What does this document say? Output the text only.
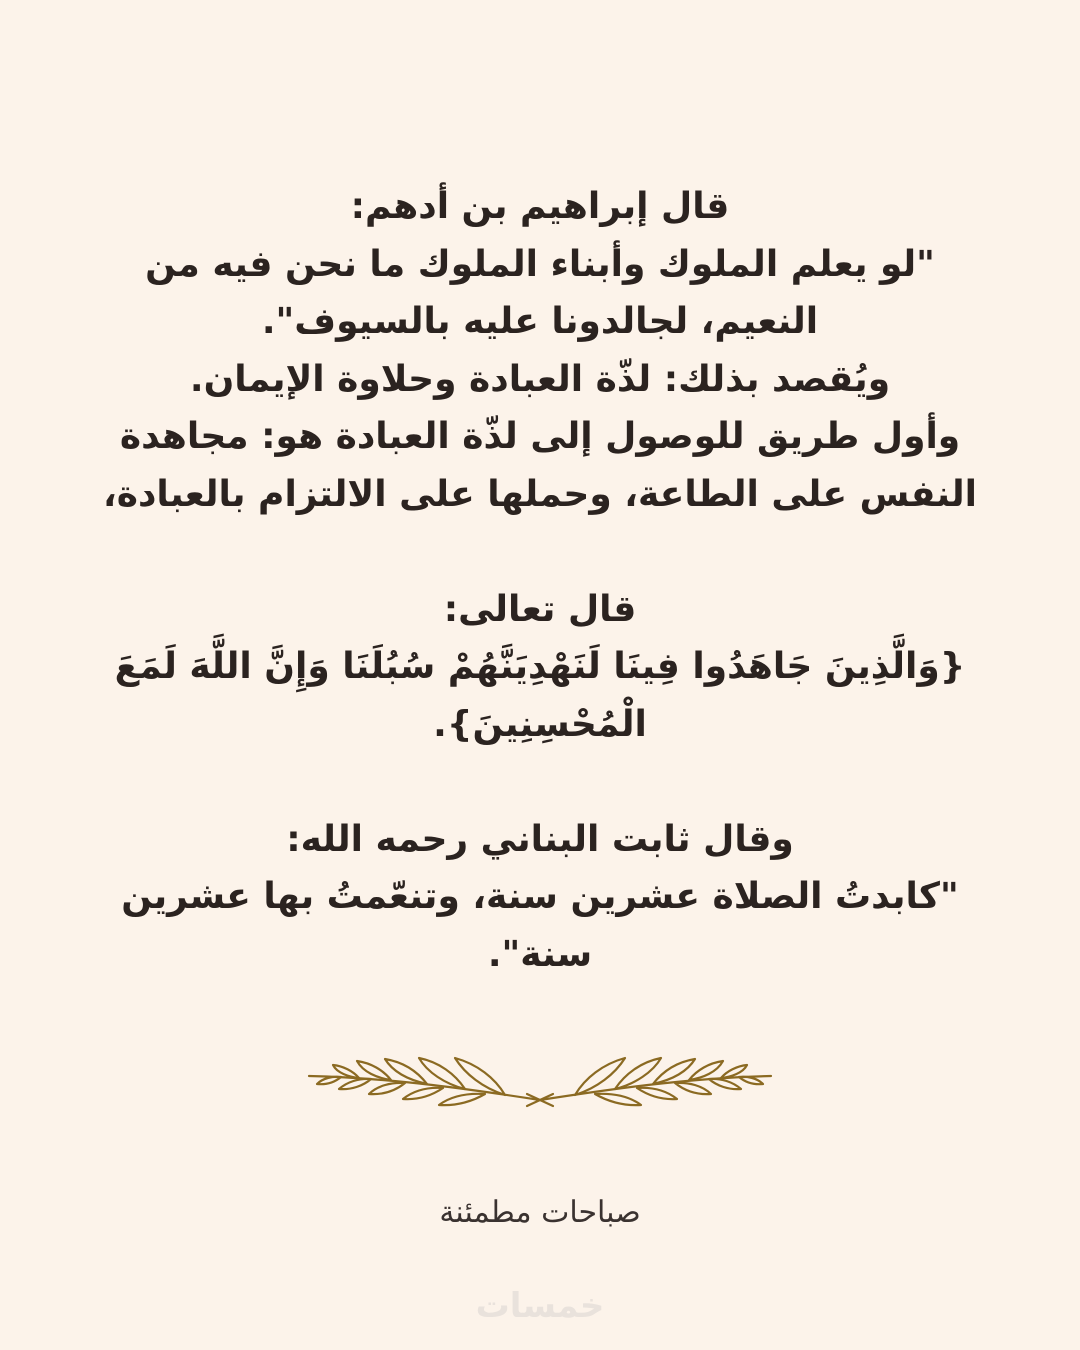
قال إبراهيم بن أدهم:
"لو يعلم الملوك وأبناء الملوك ما نحن فيه من
النعيم، لجالدونا عليه بالسيوف".
ويُقصد بذلك: لذّة العبادة وحلاوة الإيمان.
وأول طريق للوصول إلى لذّة العبادة هو: مجاهدة
النفس على الطاعة، وحملها على الالتزام بالعبادة،
قال تعالى:
{وَالَّذِينَ جَاهَدُوا فِينَا لَنَهْدِيَنَّهُمْ سُبُلَنَا وَإِنَّ اللَّهَ لَمَعَ
الْمُحْسِنِينَ}.
وقال ثابت البناني رحمه الله:
"كابدتُ الصلاة عشرين سنة، وتنعّمتُ بها عشرين
سنة".
صباحات مطمئنة
خمسات
